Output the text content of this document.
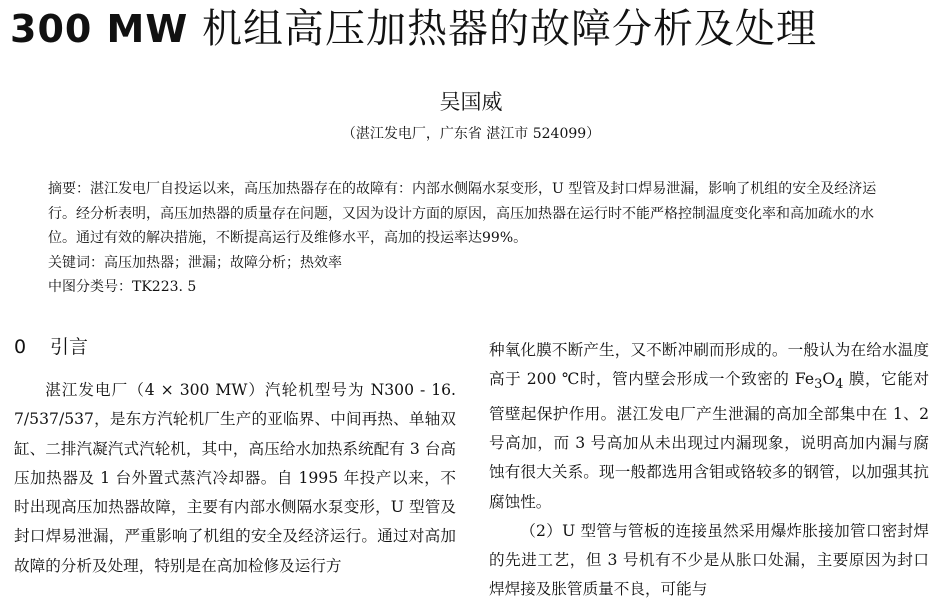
300 MW 机组高压加热器的故障分析及处理
吴国威
（湛江发电厂，广东省 湛江市 524099）

摘要：湛江发电厂自投运以来，高压加热器存在的故障有：内部水侧隔水泵变形，U 型管及封口焊易泄漏，影响了机组的安全及经济运行。经分析表明，高压加热器的质量存在问题，又因为设计方面的原因，高压加热器在运行时不能严格控制温度变化率和高加疏水的水位。通过有效的解决措施，不断提高运行及维修水平，高加的投运率达99%。

关键词：高压加热器；泄漏；故障分析；热效率

中图分类号：TK223. 5

0 引言

湛江发电厂（4 × 300 MW）汽轮机型号为 N300 - 16. 7/537/537，是东方汽轮机厂生产的亚临界、中间再热、单轴双缸、二排汽凝汽式汽轮机，其中，高压给水加热系统配有 3 台高压加热器及 1 台外置式蒸汽冷却器。自 1995 年投产以来，不时出现高压加热器故障，主要有内部水侧隔水泵变形，U 型管及封口焊易泄漏，严重影响了机组的安全及经济运行。通过对高加故障的分析及处理，特别是在高加检修及运行方

种氧化膜不断产生，又不断冲刷而形成的。一般认为在给水温度高于 200 ℃时，管内壁会形成一个致密的 $Fe_3O_4$ 膜，它能对管壁起保护作用。湛江发电厂产生泄漏的高加全部集中在 1、2 号高加，而 3 号高加从未出现过内漏现象，说明高加内漏与腐蚀有很大关系。现一般都选用含钼或铬较多的钢管，以加强其抗腐蚀性。

（2）U 型管与管板的连接虽然采用爆炸胀接加管口密封焊的先进工艺，但 3 号机有不少是从胀口处漏，主要原因为封口焊焊接及胀管质量不良，可能与
